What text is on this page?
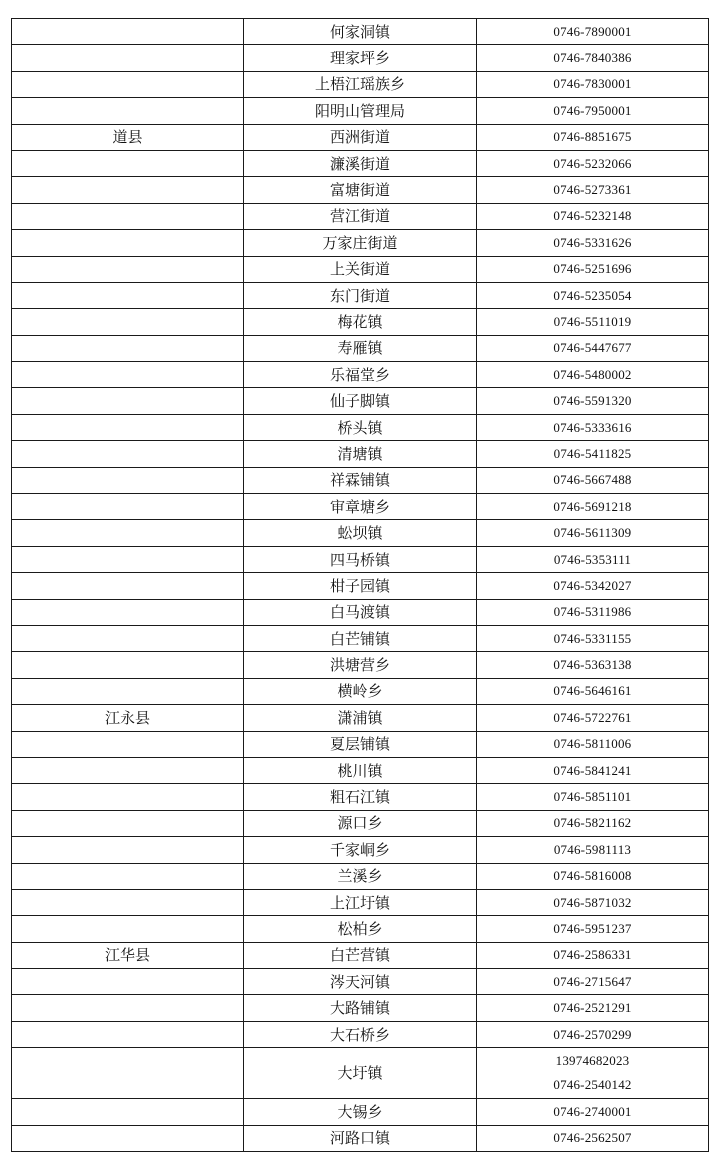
	何家洞镇	0746-7890001
	理家坪乡	0746-7840386
	上梧江瑶族乡	0746-7830001
	阳明山管理局	0746-7950001
道县	西洲街道	0746-8851675
	濂溪街道	0746-5232066
	富塘街道	0746-5273361
	营江街道	0746-5232148
	万家庄街道	0746-5331626
	上关街道	0746-5251696
	东门街道	0746-5235054
	梅花镇	0746-5511019
	寿雁镇	0746-5447677
	乐福堂乡	0746-5480002
	仙子脚镇	0746-5591320
	桥头镇	0746-5333616
	清塘镇	0746-5411825
	祥霖铺镇	0746-5667488
	审章塘乡	0746-5691218
	蚣坝镇	0746-5611309
	四马桥镇	0746-5353111
	柑子园镇	0746-5342027
	白马渡镇	0746-5311986
	白芒铺镇	0746-5331155
	洪塘营乡	0746-5363138
	横岭乡	0746-5646161
江永县	潇浦镇	0746-5722761
	夏层铺镇	0746-5811006
	桃川镇	0746-5841241
	粗石江镇	0746-5851101
	源口乡	0746-5821162
	千家峒乡	0746-5981113
	兰溪乡	0746-5816008
	上江圩镇	0746-5871032
	松柏乡	0746-5951237
江华县	白芒营镇	0746-2586331
	涔天河镇	0746-2715647
	大路铺镇	0746-2521291
	大石桥乡	0746-2570299
	大圩镇	13974682023
0746-2540142

	大锡乡	0746-2740001
	河路口镇	0746-2562507
